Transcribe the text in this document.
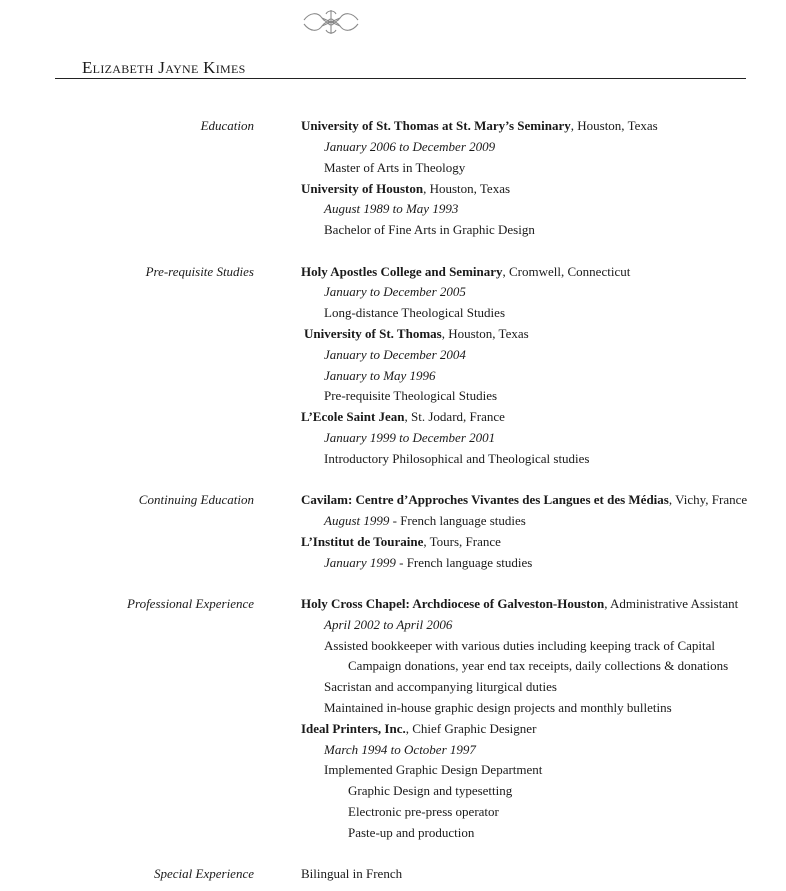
Elizabeth Jayne Kimes
Education	University of St. Thomas at St. Mary’s Seminary, Houston, Texas
January 2006 to December 2009
Master of Arts in Theology
University of Houston, Houston, Texas
August 1989 to May 1993
Bachelor of Fine Arts in Graphic Design
Pre-requisite Studies	Holy Apostles College and Seminary, Cromwell, Connecticut
January to December 2005
Long-distance Theological Studies
University of St. Thomas, Houston, Texas
January to December 2004
January to May 1996
Pre-requisite Theological Studies
L’Ecole Saint Jean, St. Jodard, France
January 1999 to December 2001
Introductory Philosophical and Theological studies
Continuing Education	Cavilam: Centre d’Approches Vivantes des Langues et des Médias, Vichy, France
August 1999 - French language studies
L’Institut de Touraine, Tours, France
January 1999 - French language studies
Professional Experience	Holy Cross Chapel: Archdiocese of Galveston-Houston, Administrative Assistant
April 2002 to April 2006
Assisted bookkeeper with various duties including keeping track of Capital
Campaign donations, year end tax receipts, daily collections & donations
Sacristan and accompanying liturgical duties
Maintained in-house graphic design projects and monthly bulletins
Ideal Printers, Inc., Chief Graphic Designer
March 1994 to October 1997
Implemented Graphic Design Department
Graphic Design and typesetting
Electronic pre-press operator
Paste-up and production
Special Experience	Bilingual in French
